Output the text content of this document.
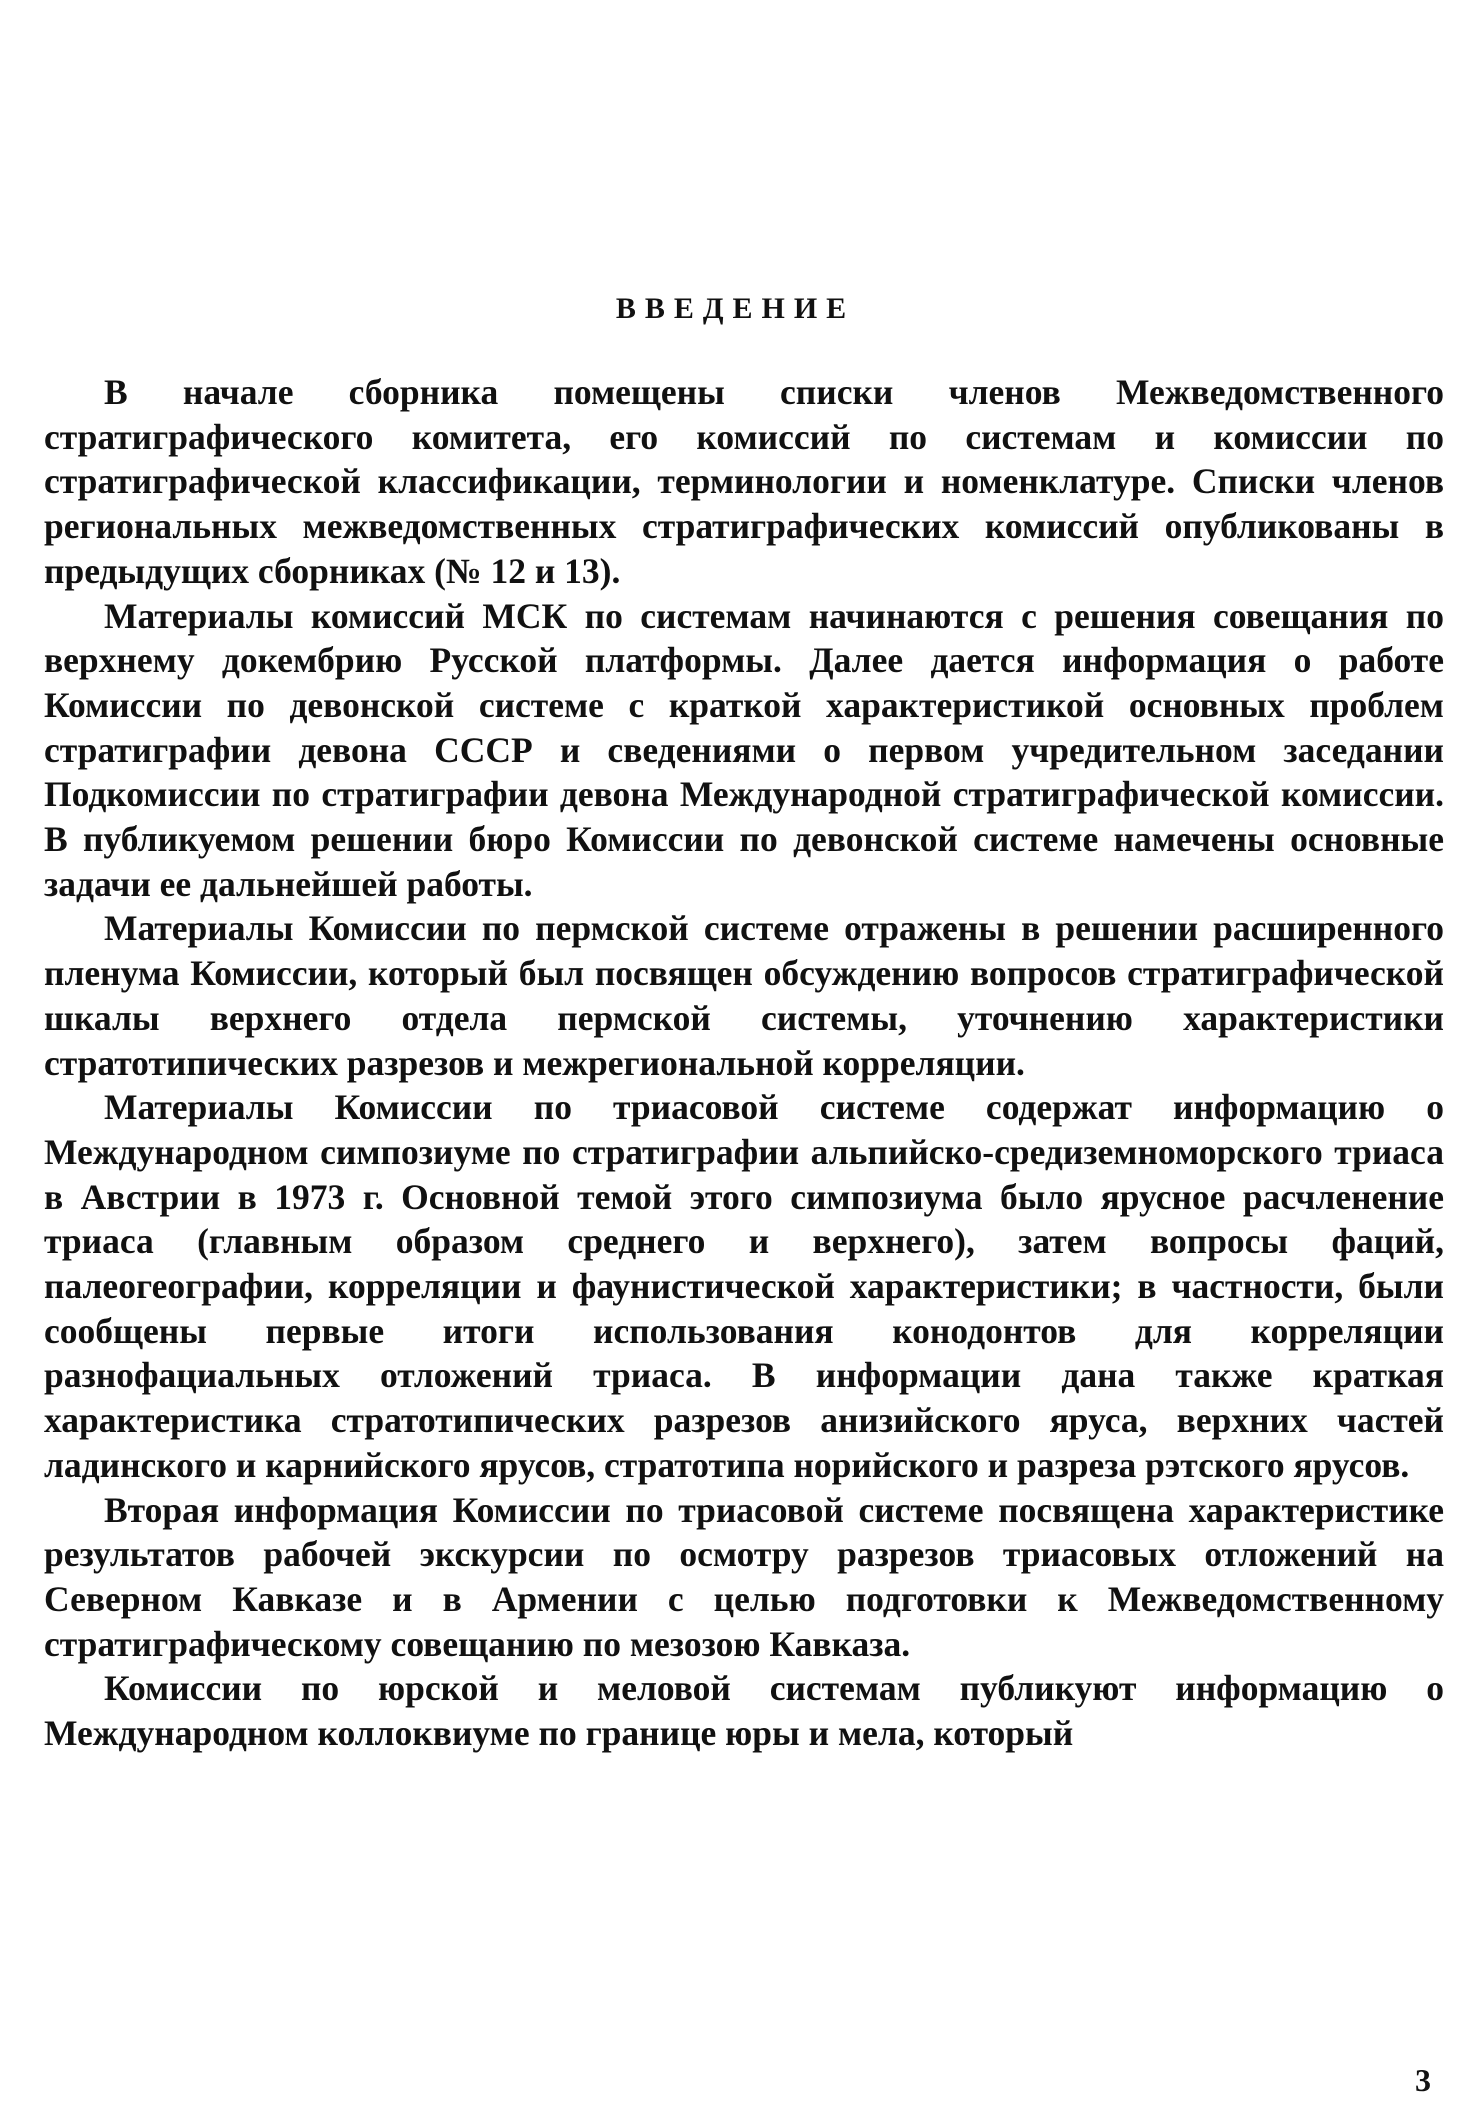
ВВЕДЕНИЕ

В начале сборника помещены списки членов Межведомственного стратиграфического комитета, его комиссий по системам и комиссии по стратиграфической классификации, терминологии и номенклатуре. Списки членов региональных межведомственных стратиграфических комиссий опубликованы в предыдущих сборниках (№ 12 и 13).

Материалы комиссий МСК по системам начинаются с решения совещания по верхнему докембрию Русской платформы. Далее дается информация о работе Комиссии по девонской системе с краткой характеристикой основных проблем стратиграфии девона СССР и сведениями о первом учредительном заседании Подкомиссии по стратиграфии девона Международной стратиграфической комиссии. В публикуемом решении бюро Комиссии по девонской системе намечены основные задачи ее дальнейшей работы.

Материалы Комиссии по пермской системе отражены в решении расширенного пленума Комиссии, который был посвящен обсуждению вопросов стратиграфической шкалы верхнего отдела пермской системы, уточнению характеристики стратотипических разрезов и межрегиональной корреляции.

Материалы Комиссии по триасовой системе содержат информацию о Международном симпозиуме по стратиграфии альпийско-средиземноморского триаса в Австрии в 1973 г. Основной темой этого симпозиума было ярусное расчленение триаса (главным образом среднего и верхнего), затем вопросы фаций, палеогеографии, корреляции и фаунистической характеристики; в частности, были сообщены первые итоги использования конодонтов для корреляции разнофациальных отложений триаса. В информации дана также краткая характеристика стратотипических разрезов анизийского яруса, верхних частей ладинского и карнийского ярусов, стратотипа норийского и разреза рэтского ярусов.

Вторая информация Комиссии по триасовой системе посвящена характеристике результатов рабочей экскурсии по осмотру разрезов триасовых отложений на Северном Кавказе и в Армении с целью подготовки к Межведомственному стратиграфическому совещанию по мезозою Кавказа.

Комиссии по юрской и меловой системам публикуют информацию о Международном коллоквиуме по границе юры и мела, который

3
